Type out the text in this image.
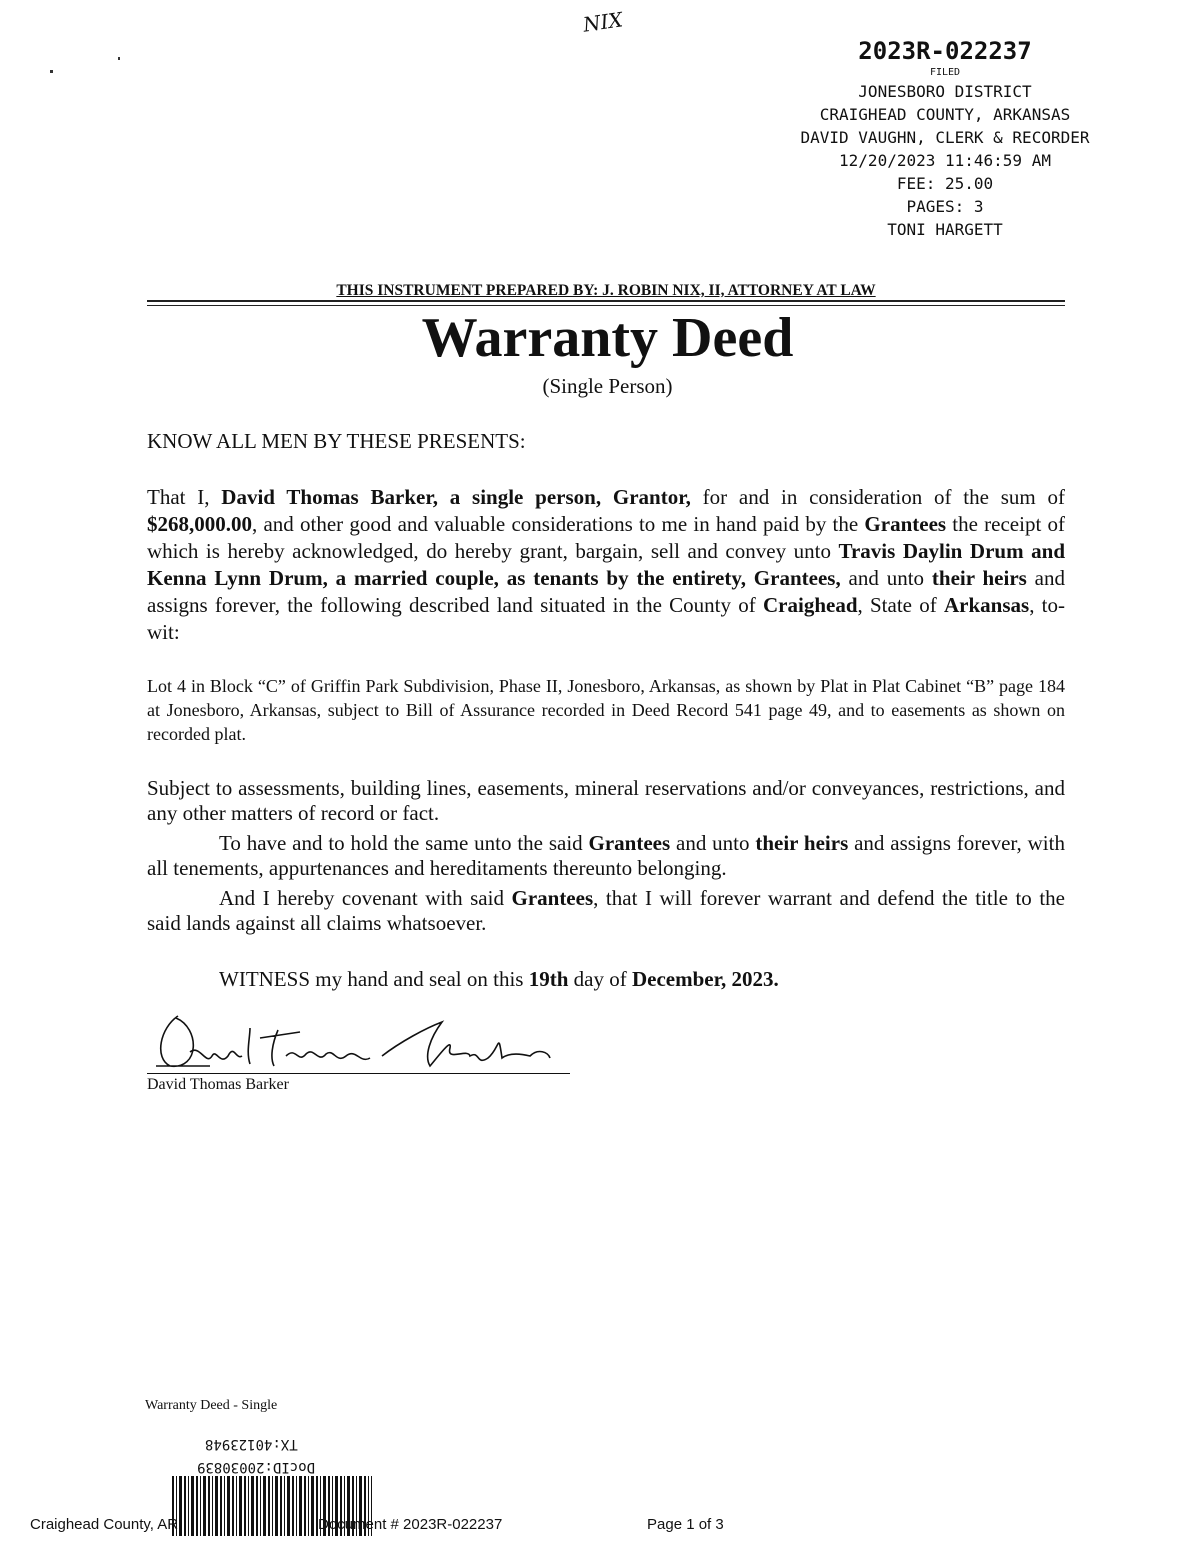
NIX
2023R-022237
FILED
JONESBORO DISTRICT
CRAIGHEAD COUNTY, ARKANSAS
DAVID VAUGHN, CLERK & RECORDER
12/20/2023 11:46:59 AM
FEE: 25.00
PAGES: 3
TONI HARGETT
THIS INSTRUMENT PREPARED BY: J. ROBIN NIX, II, ATTORNEY AT LAW
Warranty Deed
(Single Person)
KNOW ALL MEN BY THESE PRESENTS:
That I, David Thomas Barker, a single person, Grantor, for and in consideration of the sum of $268,000.00, and other good and valuable considerations to me in hand paid by the Grantees the receipt of which is hereby acknowledged, do hereby grant, bargain, sell and convey unto Travis Daylin Drum and Kenna Lynn Drum, a married couple, as tenants by the entirety, Grantees, and unto their heirs and assigns forever, the following described land situated in the County of Craighead, State of Arkansas, to-wit:
Lot 4 in Block “C” of Griffin Park Subdivision, Phase II, Jonesboro, Arkansas, as shown by Plat in Plat Cabinet “B” page 184 at Jonesboro, Arkansas, subject to Bill of Assurance recorded in Deed Record 541 page 49, and to easements as shown on recorded plat.
Subject to assessments, building lines, easements, mineral reservations and/or conveyances, restrictions, and any other matters of record or fact.
To have and to hold the same unto the said Grantees and unto their heirs and assigns forever, with all tenements, appurtenances and hereditaments thereunto belonging.
And I hereby covenant with said Grantees, that I will forever warrant and defend the title to the said lands against all claims whatsoever.
WITNESS my hand and seal on this 19th day of December, 2023.
David Thomas Barker
Warranty Deed - Single
TX:40123948
DocID:20030839
Craighead County, AR	Document # 2023R-022237	Page 1 of 3
